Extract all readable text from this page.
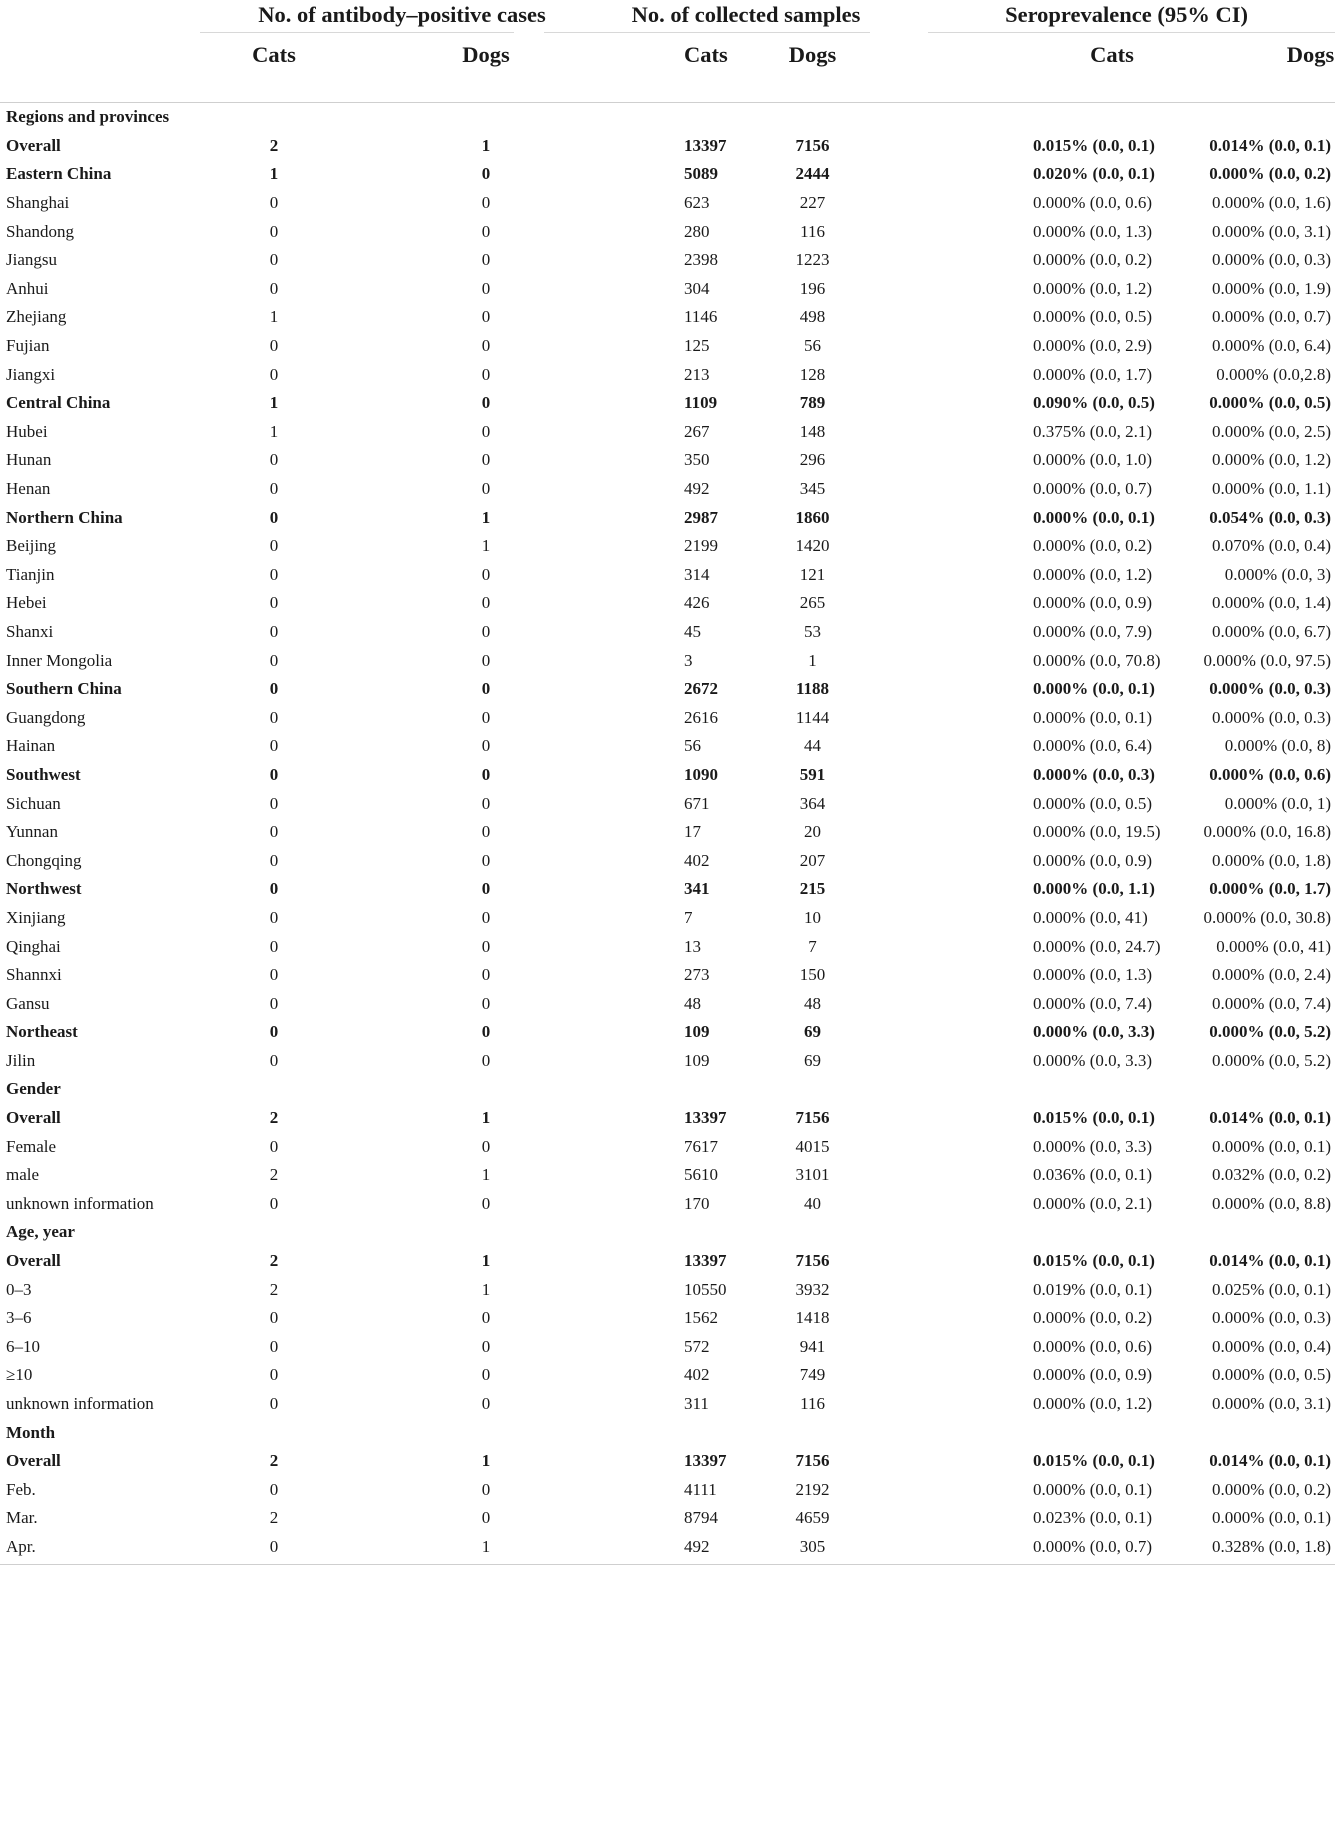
	No. of antibody–positive cases		No. of collected samples		Seroprevalence (95% CI)	

	Cats	Dogs	Cats	Dogs	Cats	Dogs
Regions and provinces						
Overall	2	1	13397	7156	0.015% (0.0, 0.1)	0.014% (0.0, 0.1)
Eastern China	1	0	5089	2444	0.020% (0.0, 0.1)	0.000% (0.0, 0.2)
Shanghai	0	0	623	227	0.000% (0.0, 0.6)	0.000% (0.0, 1.6)
Shandong	0	0	280	116	0.000% (0.0, 1.3)	0.000% (0.0, 3.1)
Jiangsu	0	0	2398	1223	0.000% (0.0, 0.2)	0.000% (0.0, 0.3)
Anhui	0	0	304	196	0.000% (0.0, 1.2)	0.000% (0.0, 1.9)
Zhejiang	1	0	1146	498	0.000% (0.0, 0.5)	0.000% (0.0, 0.7)
Fujian	0	0	125	56	0.000% (0.0, 2.9)	0.000% (0.0, 6.4)
Jiangxi	0	0	213	128	0.000% (0.0, 1.7)	0.000% (0.0,2.8)
Central China	1	0	1109	789	0.090% (0.0, 0.5)	0.000% (0.0, 0.5)
Hubei	1	0	267	148	0.375% (0.0, 2.1)	0.000% (0.0, 2.5)
Hunan	0	0	350	296	0.000% (0.0, 1.0)	0.000% (0.0, 1.2)
Henan	0	0	492	345	0.000% (0.0, 0.7)	0.000% (0.0, 1.1)
Northern China	0	1	2987	1860	0.000% (0.0, 0.1)	0.054% (0.0, 0.3)
Beijing	0	1	2199	1420	0.000% (0.0, 0.2)	0.070% (0.0, 0.4)
Tianjin	0	0	314	121	0.000% (0.0, 1.2)	0.000% (0.0, 3)
Hebei	0	0	426	265	0.000% (0.0, 0.9)	0.000% (0.0, 1.4)
Shanxi	0	0	45	53	0.000% (0.0, 7.9)	0.000% (0.0, 6.7)
Inner Mongolia	0	0	3	1	0.000% (0.0, 70.8)	0.000% (0.0, 97.5)
Southern China	0	0	2672	1188	0.000% (0.0, 0.1)	0.000% (0.0, 0.3)
Guangdong	0	0	2616	1144	0.000% (0.0, 0.1)	0.000% (0.0, 0.3)
Hainan	0	0	56	44	0.000% (0.0, 6.4)	0.000% (0.0, 8)
Southwest	0	0	1090	591	0.000% (0.0, 0.3)	0.000% (0.0, 0.6)
Sichuan	0	0	671	364	0.000% (0.0, 0.5)	0.000% (0.0, 1)
Yunnan	0	0	17	20	0.000% (0.0, 19.5)	0.000% (0.0, 16.8)
Chongqing	0	0	402	207	0.000% (0.0, 0.9)	0.000% (0.0, 1.8)
Northwest	0	0	341	215	0.000% (0.0, 1.1)	0.000% (0.0, 1.7)
Xinjiang	0	0	7	10	0.000% (0.0, 41)	0.000% (0.0, 30.8)
Qinghai	0	0	13	7	0.000% (0.0, 24.7)	0.000% (0.0, 41)
Shannxi	0	0	273	150	0.000% (0.0, 1.3)	0.000% (0.0, 2.4)
Gansu	0	0	48	48	0.000% (0.0, 7.4)	0.000% (0.0, 7.4)
Northeast	0	0	109	69	0.000% (0.0, 3.3)	0.000% (0.0, 5.2)
Jilin	0	0	109	69	0.000% (0.0, 3.3)	0.000% (0.0, 5.2)
Gender						
Overall	2	1	13397	7156	0.015% (0.0, 0.1)	0.014% (0.0, 0.1)
Female	0	0	7617	4015	0.000% (0.0, 3.3)	0.000% (0.0, 0.1)
male	2	1	5610	3101	0.036% (0.0, 0.1)	0.032% (0.0, 0.2)
unknown information	0	0	170	40	0.000% (0.0, 2.1)	0.000% (0.0, 8.8)
Age, year						
Overall	2	1	13397	7156	0.015% (0.0, 0.1)	0.014% (0.0, 0.1)
0–3	2	1	10550	3932	0.019% (0.0, 0.1)	0.025% (0.0, 0.1)
3–6	0	0	1562	1418	0.000% (0.0, 0.2)	0.000% (0.0, 0.3)
6–10	0	0	572	941	0.000% (0.0, 0.6)	0.000% (0.0, 0.4)
≥10	0	0	402	749	0.000% (0.0, 0.9)	0.000% (0.0, 0.5)
unknown information	0	0	311	116	0.000% (0.0, 1.2)	0.000% (0.0, 3.1)
Month						
Overall	2	1	13397	7156	0.015% (0.0, 0.1)	0.014% (0.0, 0.1)
Feb.	0	0	4111	2192	0.000% (0.0, 0.1)	0.000% (0.0, 0.2)
Mar.	2	0	8794	4659	0.023% (0.0, 0.1)	0.000% (0.0, 0.1)
Apr.	0	1	492	305	0.000% (0.0, 0.7)	0.328% (0.0, 1.8)
